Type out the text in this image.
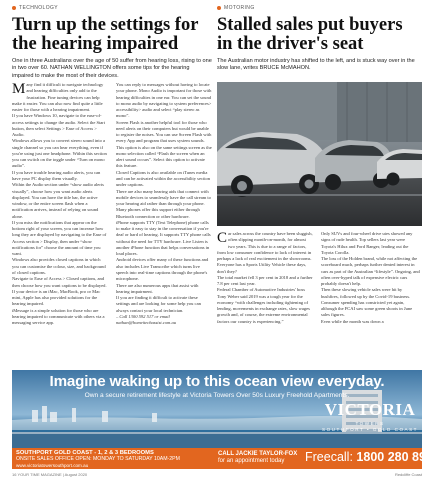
TECHNOLOGY
Turn up the settings for the hearing impaired
One in three Australians over the age of 50 suffer from hearing loss, rising to one in two over 60. NATHAN WELLINGTON offers some tips for the hearing impaired to make the most of their devices.
M any find it difficult to navigate technology and hearing difficulties only add to the frustration. Fine tuning devices can help make it easier. You can also now find quite a little easier for those with a hearing impairment.

If you have Windows 10, navigate to the ease-of-access settings to change the audio. Select the Start button, then select Settings > Ease of Access > Audio.

Windows allows you to convert stereo sound into a single channel so you can hear everything, even if you're using just one headphone. Within this section you can switch on the toggle under “Turn on mono audio”.

If you have trouble hearing audio alerts, you can have your PC display them visually.

Within the Audio section under “show audio alerts visually”, choose how you want audio alerts displayed. You can have the title bar, the active window, or the entire screen flash when a notification arrives, instead of relying on sound alone.

If you miss the notifications that appear on the bottom right of your screen, you can increase how long they are displayed by navigating to the Ease of Access section > Display, then under “show notifications for” choose the amount of time you want.

Windows also provides closed captions in which you can customise the colour, size, and background of closed captions.

Navigate to Ease of Access > Closed captions, and then choose how you want captions to be displayed.

If your device is an iMac, MacBook, pro or Mac mini, Apple has also provided solutions for the hearing impaired.

iMessage is a simple solution for those who are hearing impaired to communicate with others via a messaging service app.

You can reply to messages without having to locate your phone. Mono Audio is important for those with hearing difficulties in one ear. You can set the sound to mono audio by navigating to system preferences> accessibility> audio and select “play stereo as mono”.

Screen Flash is another helpful tool for those who need alerts on their computers but would be unable to register the noises. You can use Screen Flash with every App and program that uses system sounds.

This option is also on the same settings screen as the mono selection called “Flash the screen when an alert sound occurs”. Select this option to activate this feature.

Closed Captions is also available on iTunes media and can be activated within the accessibility section under captions.

There are also many hearing aids that connect with mobile devices to seamlessly have the call stream to your hearing aid rather than through your phone. Many phones offer this support either through Bluetooth connection or other hardware.

iPhone supports TTY (Text Telephone) phone calls to make it easy to stay in the conversation if you're deaf or hard of hearing. It supports TTY phone calls without the need for TTY hardware. Live Listen is another iPhone function that helps conversations in loud places.

Android devices offer many of these functions and also includes Live Transcribe which turns live speech into real-time captions through the phone's microphone.

There are also numerous apps that assist with hearing impairment.

If you are finding it difficult to activate these settings and are looking for some help you can always contact your local technician.

– Call 1300 592 517 or email nathan@homeitechassist.com.au

MOTORING
Stalled sales put buyers in the driver's seat
The Australian motor industry has shifted to the left, and is stuck way over in the slow lane, writes BRUCE McMAHON.
C ar sales across the country have been sluggish, often slipping month-on-month, for almost two years. This is due to a range of factors, from low consumer confidence to lack of interest in perhaps a lack of real excitement in the showrooms.

Everyone has a Sports Utility Vehicle these days, don't they?

The total market fell 3 per cent in 2018 and a further 7.8 per cent last year.

Federal Chamber of Automotive Industries' boss Tony Weber said 2019 was a tough year for the economy “with challenges including tightening of lending, movements in exchange rates, slow wages growth and, of course, the extreme environmental factors our country is experiencing.”

Only SUVs and four-wheel drive utes showed any signs of rude health. Top sellers last year were Toyota's Hilux and Ford Ranger, leading out the Toyota Corolla.

The loss of the Holden brand, while not affecting the scoreboard much, perhaps further dented interest in cars as part of the Australian “lifestyle”. Ongoing, and often over-hyped talk of expensive electric cars probably doesn't help.

Then these slowing vehicle sales were hit by bushfires, followed up by the Covid-19 business. Consumer spending has constricted yet again, although the FCAI saw some green shoots in June sales figures.

Even while the month was down a

Imagine waking up to this ocean view everyday.
Own a secure retirement lifestyle at Victoria Towers Over 50s Luxury Freehold Apartments.
VICTORIA
TOWERS
SOUTHPORT • GOLD COAST
SOUTHPORT GOLD COAST - 1, 2 & 3 BEDROOMS
ONSITE SALES OFFICE OPEN: MONDAY TO SATURDAY 10AM-2PM
www.victoriatowersouthport.com.au
CALL JACKIE TAYLOR-FOX
for an appointment today	Freecall: 1800 280 893
16 YOUR TIME MAGAZINE | August 2020	Redcliffe Coast
